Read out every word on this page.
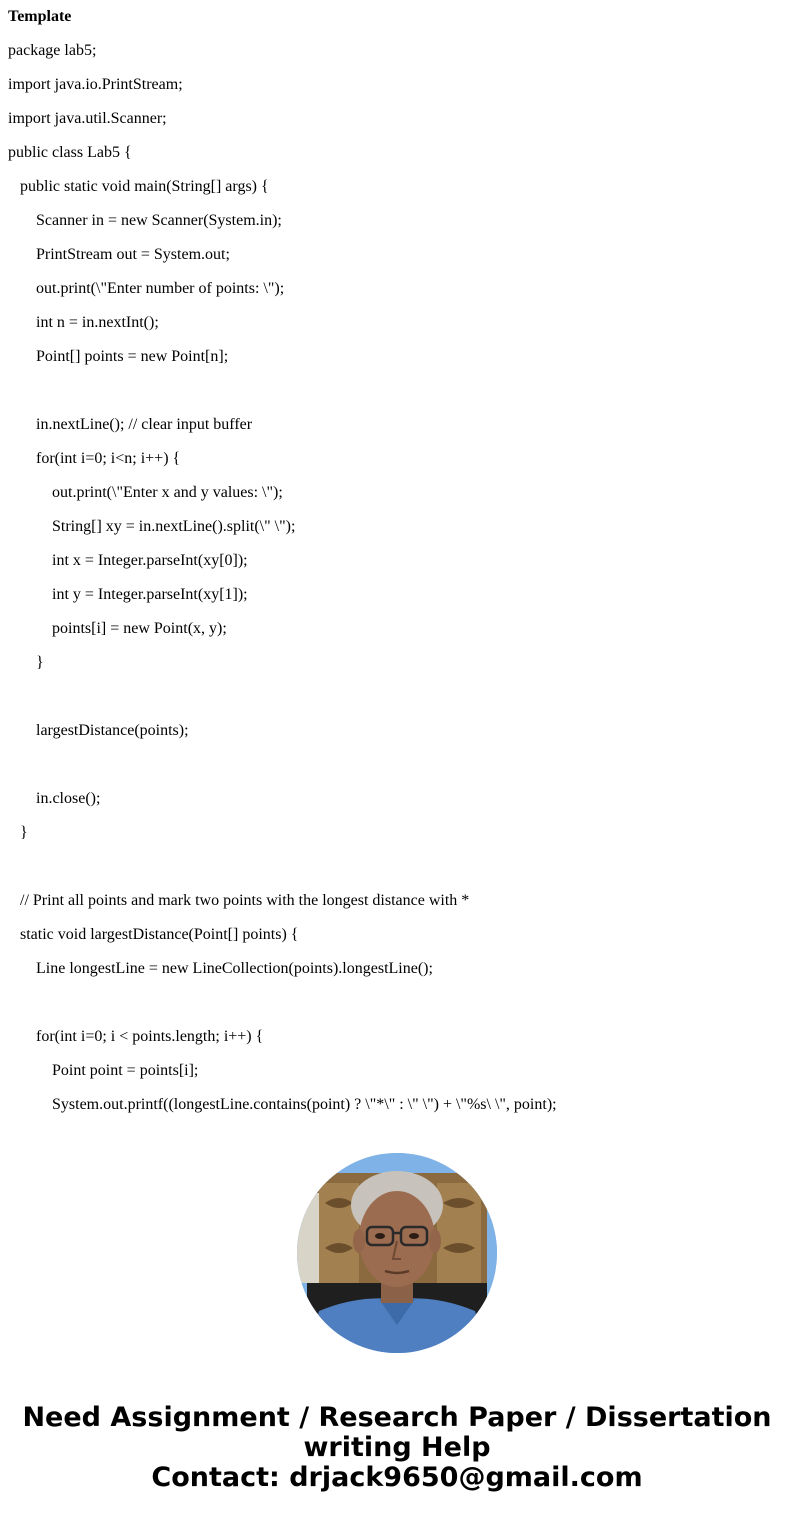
Template
package lab5;
import java.io.PrintStream;
import java.util.Scanner;
public class Lab5 {
public static void main(String[] args) {
Scanner in = new Scanner(System.in);
PrintStream out = System.out;
out.print(\"Enter number of points: \");
int n = in.nextInt();
Point[] points = new Point[n];
in.nextLine(); // clear input buffer
for(int i=0; i<n; i++) {
out.print(\"Enter x and y values: \");
String[] xy = in.nextLine().split(\" \");
int x = Integer.parseInt(xy[0]);
int y = Integer.parseInt(xy[1]);
points[i] = new Point(x, y);
}
largestDistance(points);
in.close();
}
// Print all points and mark two points with the longest distance with *
static void largestDistance(Point[] points) {
Line longestLine = new LineCollection(points).longestLine();
for(int i=0; i < points.length; i++) {
Point point = points[i];
System.out.printf((longestLine.contains(point) ? \"*\" : \" \") + \"%s\ \", point);
Need Assignment / Research Paper / Dissertation
writing Help
Contact: drjack9650@gmail.com
